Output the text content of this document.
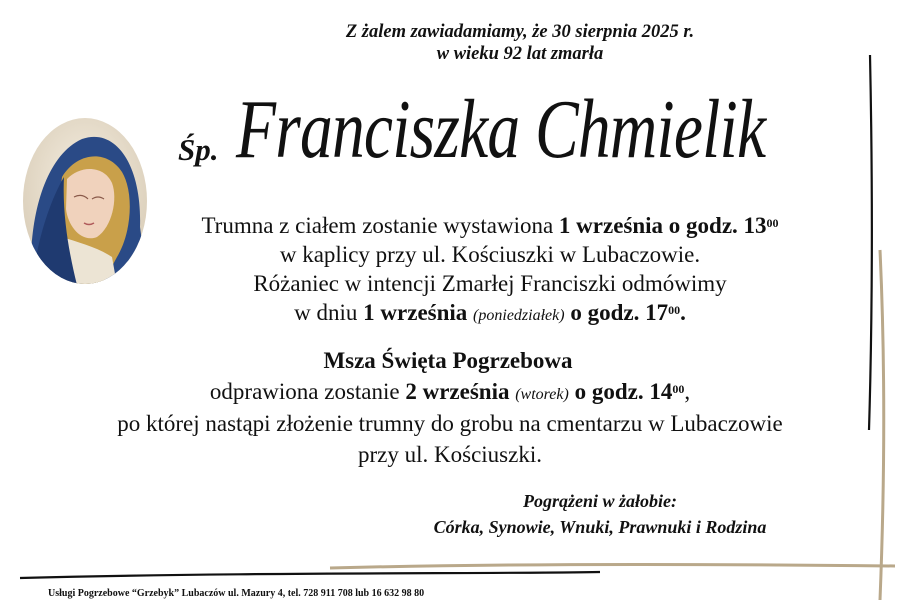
Z żalem zawiadamiamy, że 30 sierpnia 2025 r.
w wieku 92 lat zmarła
Śp. Franciszka Chmielik
Trumna z ciałem zostanie wystawiona 1 września o godz. $13^{00}$
w kaplicy przy ul. Kościuszki w Lubaczowie.
Różaniec w intencji Zmarłej Franciszki odmówimy
w dniu 1 września (poniedziałek) o godz. $17^{00}$.
Msza Święta Pogrzebowa
odprawiona zostanie 2 września (wtorek) o godz. $14^{00}$,
po której nastąpi złożenie trumny do grobu na cmentarzu w Lubaczowie
przy ul. Kościuszki.
Pogrążeni w żałobie:
Córka, Synowie, Wnuki, Prawnuki i Rodzina
Usługi Pogrzebowe “Grzebyk” Lubaczów ul. Mazury 4, tel. 728 911 708 lub 16 632 98 80
